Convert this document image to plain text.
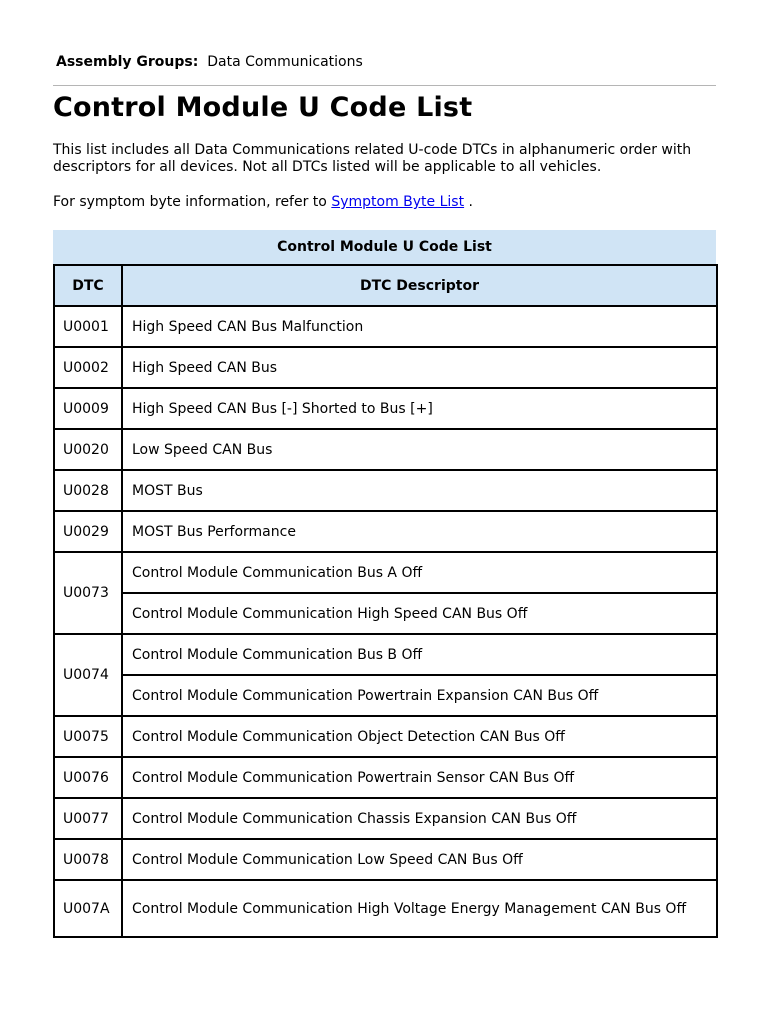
Assembly Groups: Data Communications
Control Module U Code List

This list includes all Data Communications related U-code DTCs in alphanumeric order with descriptors for all devices. Not all DTCs listed will be applicable to all vehicles.

For symptom byte information, refer to Symptom Byte List .

Control Module U Code List
DTC	DTC Descriptor
U0001	High Speed CAN Bus Malfunction
U0002	High Speed CAN Bus
U0009	High Speed CAN Bus [-] Shorted to Bus [+]
U0020	Low Speed CAN Bus
U0028	MOST Bus
U0029	MOST Bus Performance
U0073	Control Module Communication Bus A Off
	Control Module Communication High Speed CAN Bus Off
U0074	Control Module Communication Bus B Off
	Control Module Communication Powertrain Expansion CAN Bus Off
U0075	Control Module Communication Object Detection CAN Bus Off
U0076	Control Module Communication Powertrain Sensor CAN Bus Off
U0077	Control Module Communication Chassis Expansion CAN Bus Off
U0078	Control Module Communication Low Speed CAN Bus Off
U007A	Control Module Communication High Voltage Energy Management CAN Bus Off
